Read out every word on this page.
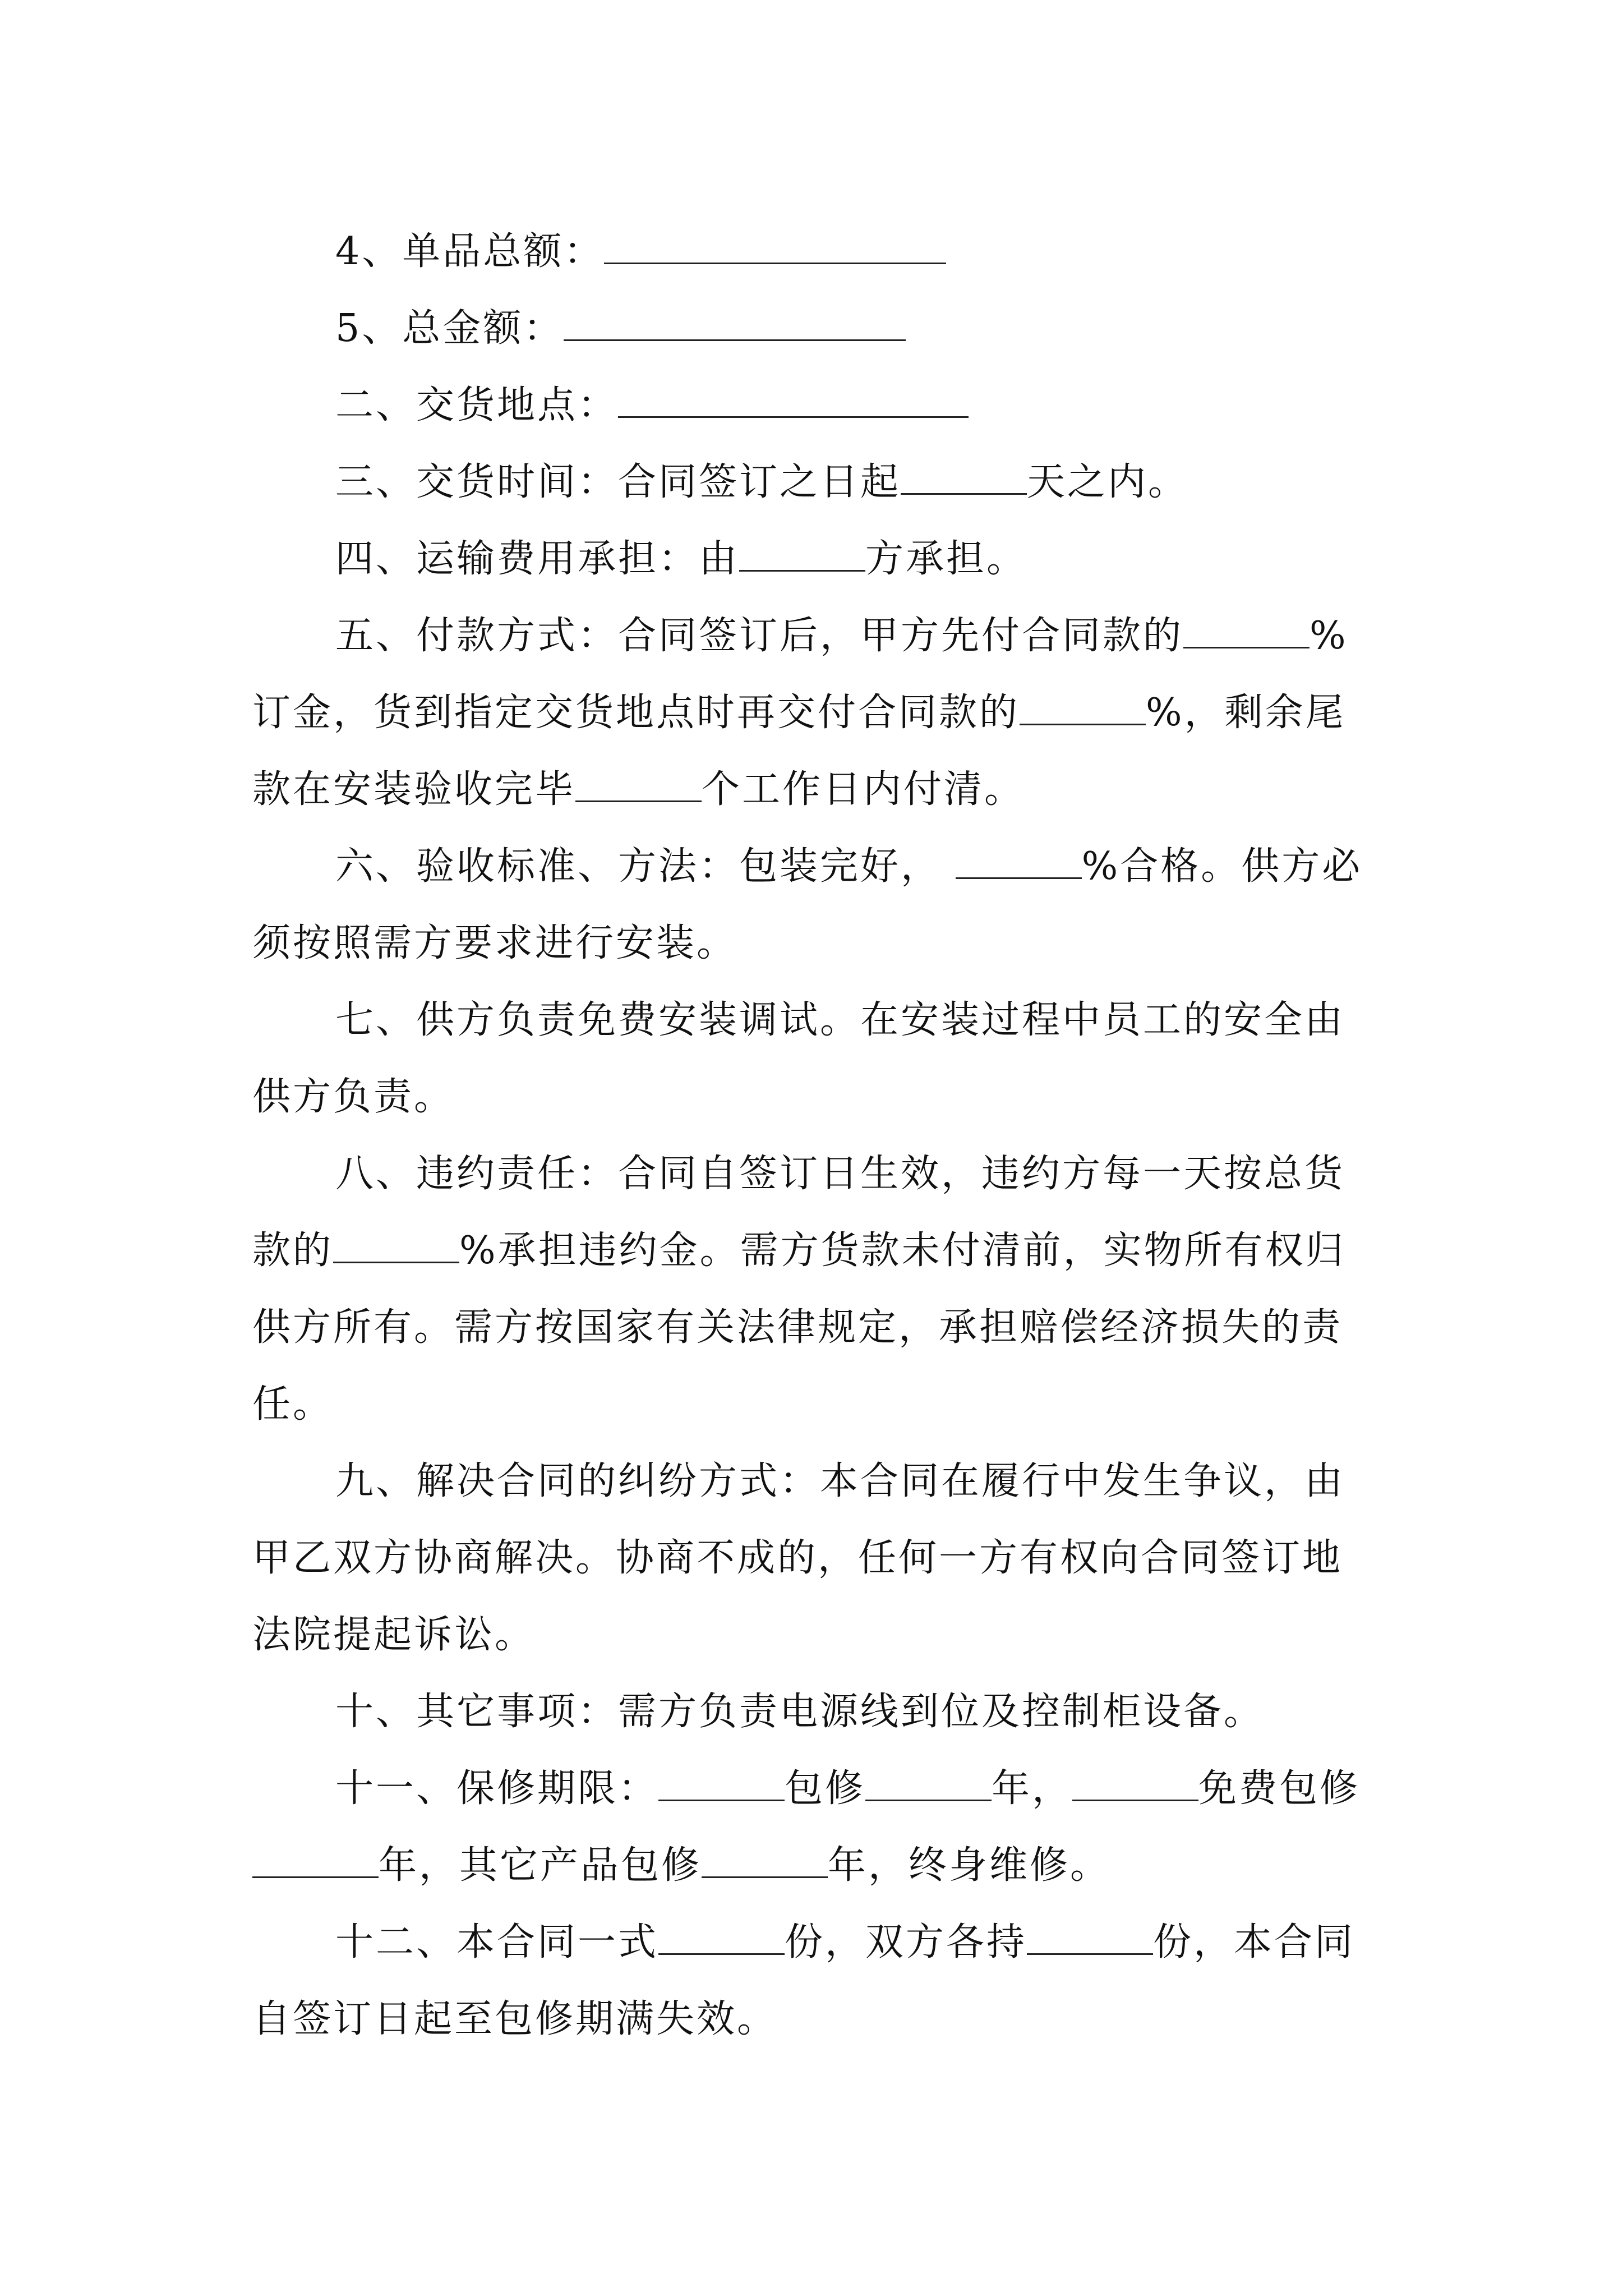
4、单品总额：

5、总金额：

二、交货地点：

三、交货时间：合同签订之日起	天之内。

四、运输费用承担：由	方承担。

五、付款方式：合同签订后，甲方先付合同款的	%订金，货到指定交货地点时再交付合同款的	%，剩余尾款在安装验收完毕	个工作日内付清。

六、验收标准、方法：包装完好，	%合格。供方必须按照需方要求进行安装。

七、供方负责免费安装调试。在安装过程中员工的安全由供方负责。

八、违约责任：合同自签订日生效，违约方每一天按总货款的	%承担违约金。需方货款未付清前，实物所有权归供方所有。需方按国家有关法律规定，承担赔偿经济损失的责任。

九、解决合同的纠纷方式：本合同在履行中发生争议，由甲乙双方协商解决。协商不成的，任何一方有权向合同签订地法院提起诉讼。

十、其它事项：需方负责电源线到位及控制柜设备。

十一、保修期限：	包修	年，	免费包修年，其它产品包修	年，终身维修。

十二、本合同一式	份，双方各持	份，本合同自签订日起至包修期满失效。
